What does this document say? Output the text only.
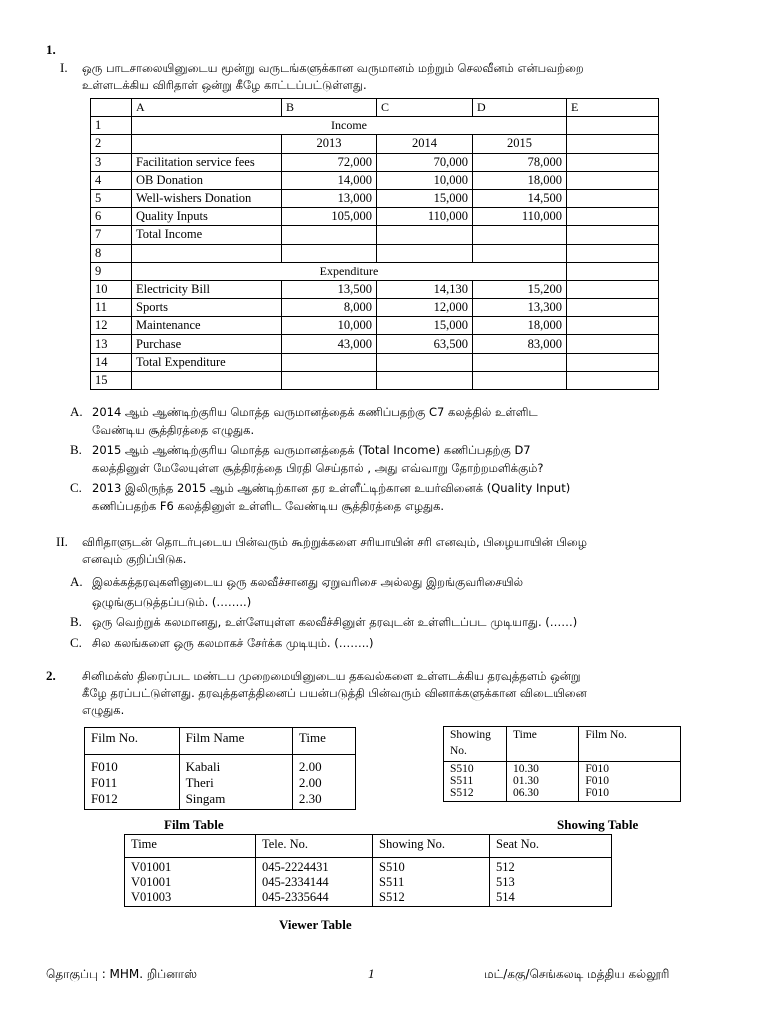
1.
I. ஒரு பாடசாலையினுடைய மூன்று வருடங்களுக்கான வருமானம் மற்றும் செலவீனம் என்பவற்றை
உள்ளடக்கிய விரிதாள் ஒன்று கீழே காட்டப்பட்டுள்ளது.
	A	B	C	D	E
1	Income				
2		2013	2014	2015	
3	Facilitation service fees	72,000	70,000	78,000	
4	OB Donation	14,000	10,000	18,000	
5	Well-wishers Donation	13,000	15,000	14,500	
6	Quality Inputs	105,000	110,000	110,000	
7	Total Income				
8					
9	Expenditure				
10	Electricity Bill	13,500	14,130	15,200	
11	Sports	8,000	12,000	13,300	
12	Maintenance	10,000	15,000	18,000	
13	Purchase	43,000	63,500	83,000	
14	Total Expenditure				
15					
A. 2014 ஆம் ஆண்டிற்குரிய மொத்த வருமானத்தைக் கணிப்பதற்கு C7 கலத்தில் உள்ளிட
வேண்டிய சூத்திரத்தை எழுதுக.
B. 2015 ஆம் ஆண்டிற்குரிய மொத்த வருமானத்தைக் (Total Income) கணிப்பதற்கு D7
கலத்தினுள் மேலேயுள்ள சூத்திரத்தை பிரதி செய்தால் , அது எவ்வாறு தோற்றமளிக்கும்?
C. 2013 இலிருந்த 2015 ஆம் ஆண்டிற்கான தர உள்ளீட்டிற்கான உயர்வினைக் (Quality Input)
கணிப்பதற்க F6 கலத்தினுள் உள்ளிட வேண்டிய சூத்திரத்தை எழதுக.
II. விரிதாளுடன் தொடர்புடைய பின்வரும் கூற்றுக்களை சரியாயின் சரி எனவும், பிழையாயின் பிழை
எனவும் குறிப்பிடுக.
A. இலக்கத்தரவுகளினுடைய ஒரு கலவீச்சானது ஏறுவரிசை அல்லது இறங்குவரிசையில்
ஒழுங்குபடுத்தப்படும். (……..)
B. ஒரு வெற்றுக் கலமானது, உள்ளேயுள்ள கலவீச்சினுள் தரவுடன் உள்ளிடப்பட முடியாது. (……)
C. சில கலங்களை ஒரு கலமாகச் சேர்க்க முடியும். (……..)
2. சினிமக்ஸ் திரைப்பட மண்டப முறைமையினுடைய தகவல்களை உள்ளடக்கிய தரவுத்தளம் ஒன்று
கீழே தரப்பட்டுள்ளது. தரவுத்தளத்தினைப் பயன்படுத்தி பின்வரும் வினாக்களுக்கான விடையினை
எழுதுக.
Film No.	Film Name	Time
F010	Kabali	2.00
F011	Theri	2.00
F012	Singam	2.30
Film Table
Showing No.	Time	Film No.
S510	10.30	F010
S511	01.30	F010
S512	06.30	F010
Showing Table
Time	Tele. No.	Showing No.	Seat No.
V01001	045-2224431	S510	512
V01001	045-2334144	S511	513
V01003	045-2335644	S512	514
Viewer Table
தொகுப்பு : MHM. றிப்னாஸ்	1	மட்/ககு/செங்கலடி மத்திய கல்லூரி
